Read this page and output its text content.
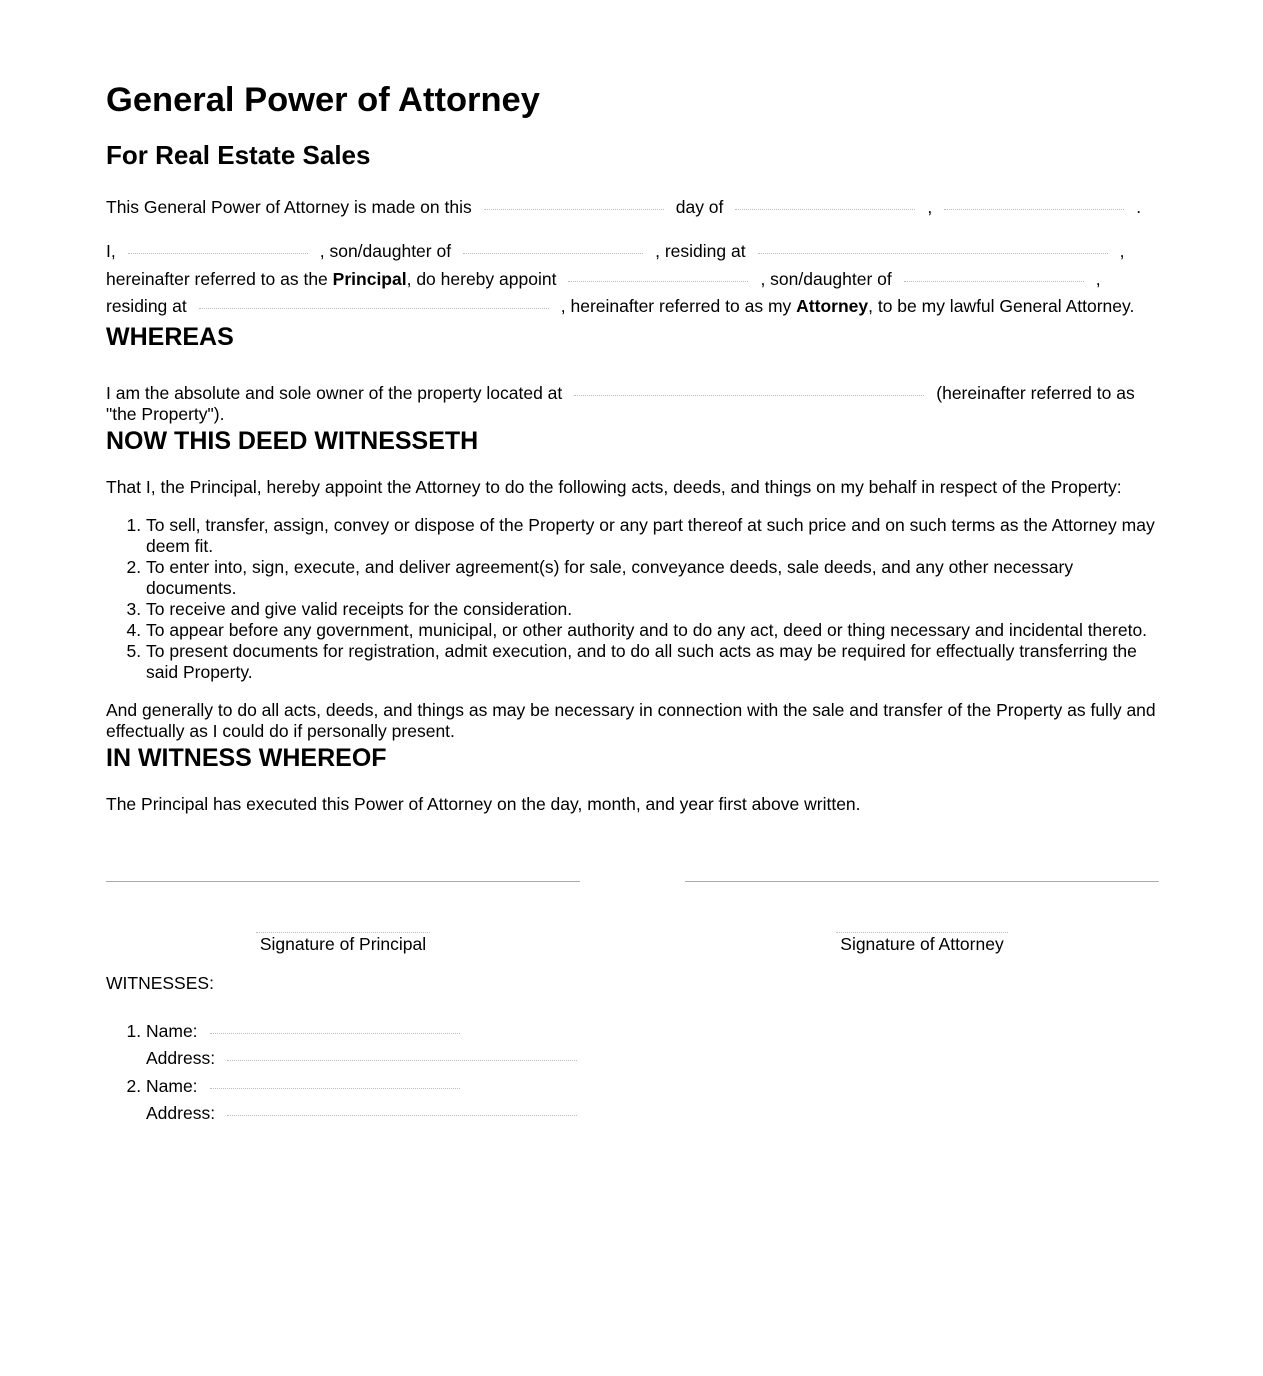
General Power of Attorney
For Real Estate Sales

This General Power of Attorney is made on this	day of	,	.

I,	, son/daughter of	, residing at	,
hereinafter referred to as the Principal, do hereby appoint	, son/daughter of	,
residing at	, hereinafter referred to as my Attorney, to be my lawful General Attorney.

WHEREAS

I am the absolute and sole owner of the property located at	(hereinafter referred to as "the Property").

NOW THIS DEED WITNESSETH

That I, the Principal, hereby appoint the Attorney to do the following acts, deeds, and things on my behalf in respect of the Property:

1. To sell, transfer, assign, convey or dispose of the Property or any part thereof at such price and on such terms as the Attorney may deem fit.
2. To enter into, sign, execute, and deliver agreement(s) for sale, conveyance deeds, sale deeds, and any other necessary documents.
3. To receive and give valid receipts for the consideration.
4. To appear before any government, municipal, or other authority and to do any act, deed or thing necessary and incidental thereto.
5. To present documents for registration, admit execution, and to do all such acts as may be required for effectually transferring the said Property.

And generally to do all acts, deeds, and things as may be necessary in connection with the sale and transfer of the Property as fully and effectually as I could do if personally present.

IN WITNESS WHEREOF

The Principal has executed this Power of Attorney on the day, month, and year first above written.

Signature of Principal	Signature of Attorney

WITNESSES:

1. Name:
Address:
2. Name:
Address:
